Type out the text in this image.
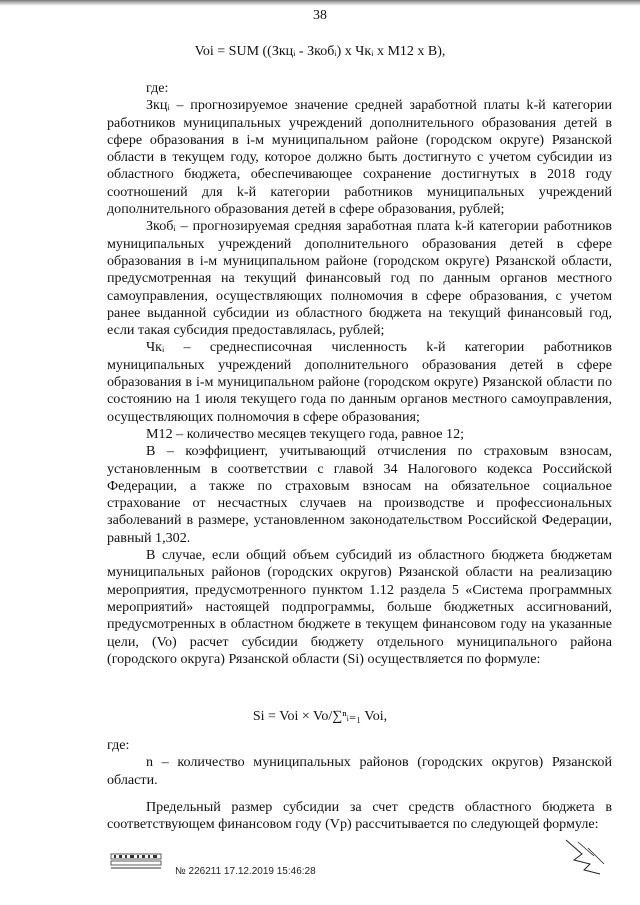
38
Voi = SUM ((Зкцᵢ - Зкобᵢ) х Чкᵢ х М12 х В),

где:

Зкцᵢ – прогнозируемое значение средней заработной платы k-й категории работников муниципальных учреждений дополнительного образования детей в сфере образования в i-м муниципальном районе (городском округе) Рязанской области в текущем году, которое должно быть достигнуто с учетом субсидии из областного бюджета, обеспечивающее сохранение достигнутых в 2018 году соотношений для k-й категории работников муниципальных учреждений дополнительного образования детей в сфере образования, рублей;

Зкобᵢ – прогнозируемая средняя заработная плата k-й категории работников муниципальных учреждений дополнительного образования детей в сфере образования в i-м муниципальном районе (городском округе) Рязанской области, предусмотренная на текущий финансовый год по данным органов местного самоуправления, осуществляющих полномочия в сфере образования, с учетом ранее выданной субсидии из областного бюджета на текущий финансовый год, если такая субсидия предоставлялась, рублей;

Чкᵢ – среднесписочная численность k-й категории работников муниципальных учреждений дополнительного образования детей в сфере образования в i-м муниципальном районе (городском округе) Рязанской области по состоянию на 1 июля текущего года по данным органов местного самоуправления, осуществляющих полномочия в сфере образования;

М12 – количество месяцев текущего года, равное 12;

В – коэффициент, учитывающий отчисления по страховым взносам, установленным в соответствии с главой 34 Налогового кодекса Российской Федерации, а также по страховым взносам на обязательное социальное страхование от несчастных случаев на производстве и профессиональных заболеваний в размере, установленном законодательством Российской Федерации, равный 1,302.

В случае, если общий объем субсидий из областного бюджета бюджетам муниципальных районов (городских округов) Рязанской области на реализацию мероприятия, предусмотренного пунктом 1.12 раздела 5 «Система программных мероприятий» настоящей подпрограммы, больше бюджетных ассигнований, предусмотренных в областном бюджете в текущем финансовом году на указанные цели, (Vo) расчет субсидии бюджету отдельного муниципального района (городского округа) Рязанской области (Si) осуществляется по формуле:

Si = Voi × Vo/∑ⁿᵢ₌₁ Voi,

где:

n – количество муниципальных районов (городских округов) Рязанской области.

Предельный размер субсидии за счет средств областного бюджета в соответствующем финансовом году (Vp) рассчитывается по следующей формуле:

№ 226211 17.12.2019 15:46:28
